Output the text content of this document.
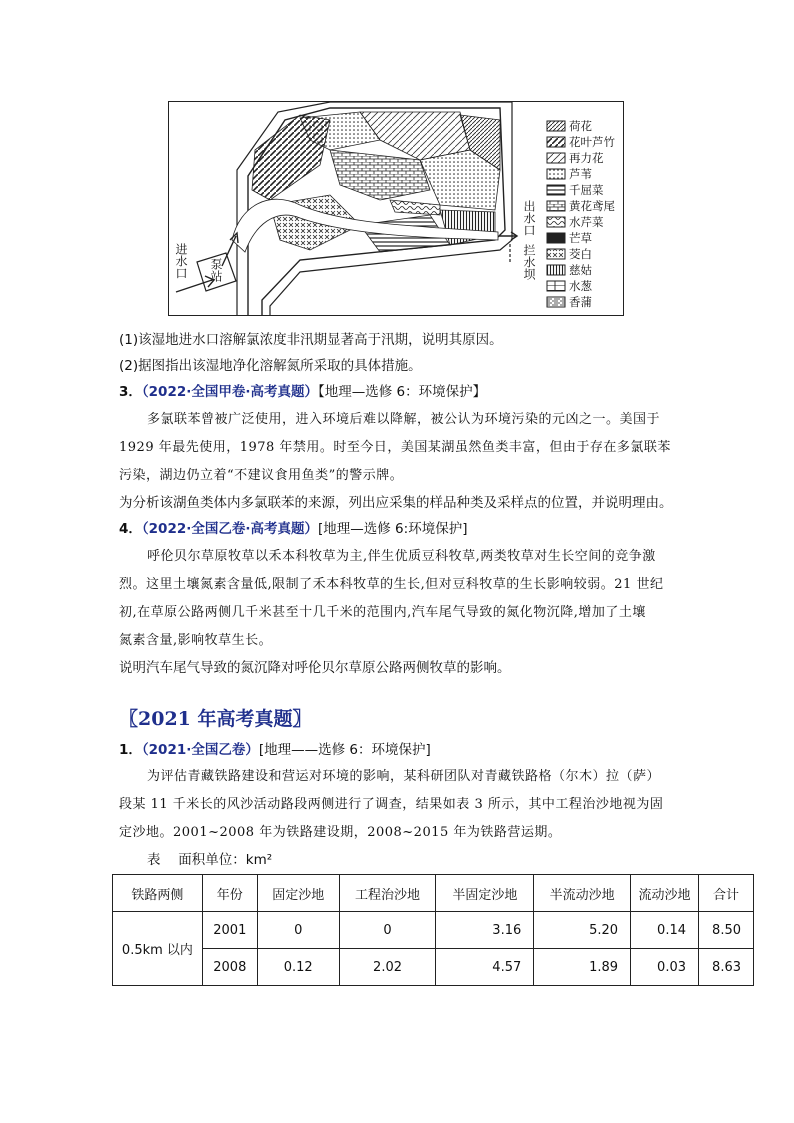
进水口 泵站
出水口
拦水坝
荷花
花叶芦竹
再力花
芦苇
千屈菜
黄花鸢尾
水芹菜
芒草
茭白
慈姑
水葱
香蒲
(1)该湿地进水口溶解氯浓度非汛期显著高于汛期，说明其原因。
(2)据图指出该湿地净化溶解氮所采取的具体措施。
3．（2022·全国甲卷·高考真题）【地理—选修 6：环境保护】
多氯联苯曾被广泛使用，进入环境后难以降解，被公认为环境污染的元凶之一。美国于
1929 年最先使用，1978 年禁用。时至今日，美国某湖虽然鱼类丰富，但由于存在多氯联苯
污染，湖边仍立着“不建议食用鱼类”的警示牌。
为分析该湖鱼类体内多氯联苯的来源，列出应采集的样品种类及采样点的位置，并说明理由。
4．（2022·全国乙卷·高考真题）[地理—选修 6:环境保护]
呼伦贝尔草原牧草以禾本科牧草为主,伴生优质豆科牧草,两类牧草对生长空间的竞争激
烈。这里土壤氮素含量低,限制了禾本科牧草的生长,但对豆科牧草的生长影响较弱。21 世纪
初,在草原公路两侧几千米甚至十几千米的范围内,汽车尾气导致的氮化物沉降,增加了土壤
氮素含量,影响牧草生长。
说明汽车尾气导致的氮沉降对呼伦贝尔草原公路两侧牧草的影响。
〖2021 年高考真题〗
1．（2021·全国乙卷）[地理——选修 6：环境保护]
为评估青藏铁路建设和营运对环境的影响，某科研团队对青藏铁路格（尔木）拉（萨）
段某 11 千米长的风沙活动路段两侧进行了调查，结果如表 3 所示，其中工程治沙地视为固
定沙地。2001~2008 年为铁路建设期，2008~2015 年为铁路营运期。
表　 面积单位：km²
铁路两侧	年份	固定沙地	工程治沙地	半固定沙地	半流动沙地	流动沙地	合计
0.5km 以内	2001	0	0	3.16	5.20	0.14	8.50
	2008	0.12	2.02	4.57	1.89	0.03	8.63
